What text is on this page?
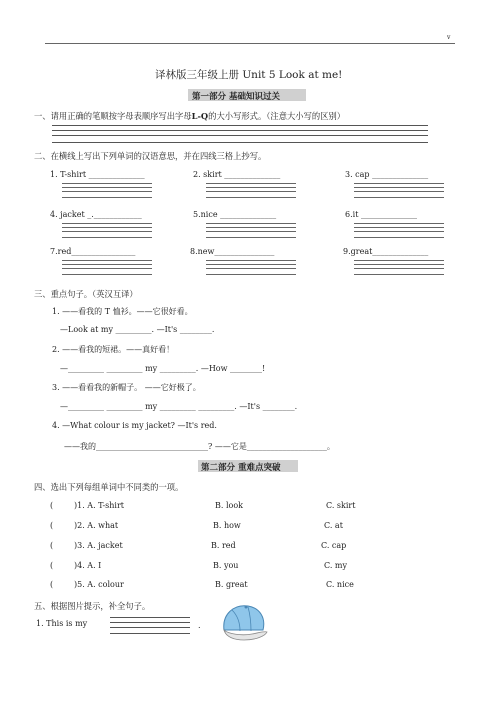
v
译林版三年级上册 Unit 5 Look at me!
第一部分 基础知识过关
一、请用正确的笔顺按字母表顺序写出字母L-Q的大小写形式。（注意大小写的区别）
二、在横线上写出下列单词的汉语意思，并在四线三格上抄写。
1. T-shirt ______________	2. skirt ______________	3. cap ______________
4. jacket _.____________	5.nice ______________	6.it ______________
7.red________________	8.new_______________	9.great______________
三、重点句子。（英汉互译）
1. ——看我的 T 恤衫。——它很好看。
—Look at my _________. —It's ________.
2. ——看我的短裙。——真好看！
—_________ _________ my _________. —How ________!
3. ——看看我的新帽子。 ——它好极了。
—_________ _________ my _________ _________. —It's ________.
4. —What colour is my jacket? —It's red.
——我的____________________________? ——它是____________________。
第二部分 重难点突破
四、选出下列每组单词中不同类的一项。
(	)1. A. T-shirt	B. look	C. skirt
(	)2. A. what	B. how	C. at
(	)3. A. jacket	B. red	C. cap
(	)4. A. I	B. you	C. my
(	)5. A. colour	B. great	C. nice
五、根据图片提示，补全句子。
1. This is my	.
